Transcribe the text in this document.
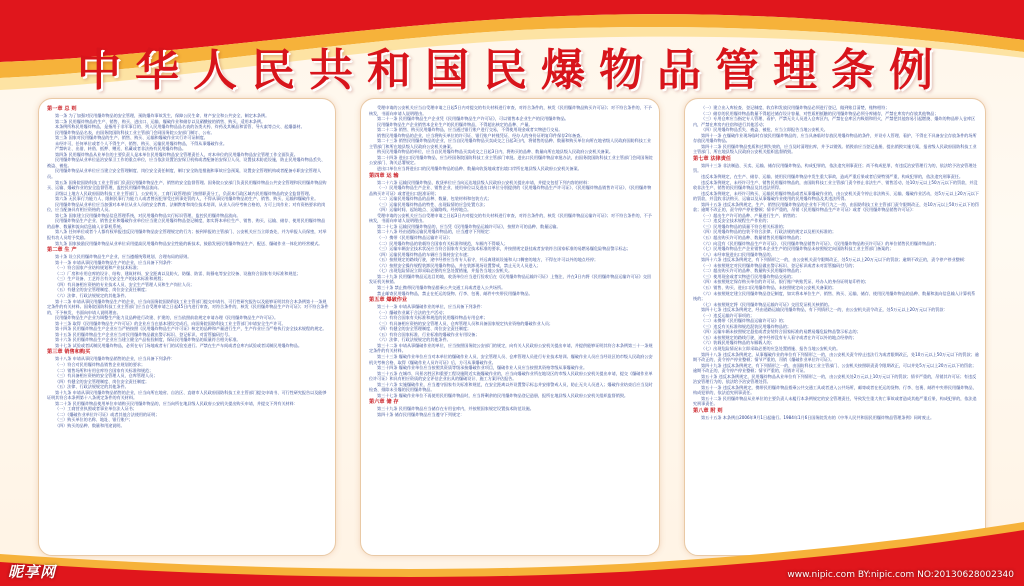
中华人民共和国民爆物品管理条例

第一章 总 则

第一条 为了加强对民用爆炸物品的安全管理，预防爆炸事故发生，保障公民生命、财产安全和公共安全，制定本条例。

第二条 民用爆炸物品的生产、销售、购买、进出口、运输、爆破作业和储存以及硝酸铵的销售、购买，适用本条例。

本条例所称民用爆炸物品，是指用于非军事目的、列入民用爆炸物品品名表的各类火药、炸药及其制品和雷管、导火索等点火、起爆器材。

民用爆炸物品品名表，由国务院国防科技工业主管部门会同国务院公安部门制订、公布。

第三条 国家对民用爆炸物品的生产、销售、购买、运输和爆破作业实行许可证制度。

未经许可，任何单位或者个人不得生产、销售、购买、运输民用爆炸物品，不得从事爆破作业。

严禁转让、出借、转借、抵押、赠送、私藏或者非法持有民用爆炸物品。

第四条 民用爆炸物品从业单位的主要负责人是本单位民用爆炸物品安全管理责任人，对本单位的民用爆炸物品安全管理工作全面负责。

民用爆炸物品从业单位是治安保卫工作的重点单位，应当依法设置治安保卫机构或者配备治安保卫人员，设置技术防范设施，防止民用爆炸物品丢失、被盗、被抢。

民用爆炸物品从业单位应当建立安全管理制度、岗位安全责任制度，制订安全防范措施和事故应急预案，设置安全管理机构或者配备专职安全管理人员。

第五条 国务院国防科技工业主管部门负责民用爆炸物品生产、销售的安全监督管理。国务院公安部门负责民用爆炸物品公共安全管理和民用爆炸物品购买、运输、爆破作业的安全监督管理，监控民用爆炸物品流向。

县级以上地方人民政府国防科技工业主管部门、公安机关、工商行政管理部门按照职责分工，负责本行政区域内民用爆炸物品的安全监督管理。

第六条 无民事行为能力人、限制民事行为能力人或者曾因犯罪受过刑事处罚的人，不得从事民用爆炸物品的生产、销售、购买、运输和爆破作业。

民用爆炸物品从业单位应当加强对本单位从业人员的安全教育、法制教育和岗位技术培训，从业人员经考核合格的，方可上岗作业；对有资格要求的岗位，应当配备具有相应资格的人员。

第七条 国家建立民用爆炸物品信息管理系统，对民用爆炸物品实行标识管理，监控民用爆炸物品流向。

民用爆炸物品生产企业、销售企业和爆破作业单位应当建立民用爆炸物品登记制度，如实将本单位生产、销售、购买、运输、储存、使用民用爆炸物品的品种、数量和流向信息输入计算机系统。

第八条 任何单位或者个人都有权举报违反民用爆炸物品安全管理规定的行为；接到举报的主管部门、公安机关应当立即查处，并为举报人员保密，对举报有功人员给予奖励。

第九条 国家鼓励民用爆炸物品从业单位采用提高民用爆炸物品安全性能的新技术，鼓励发展民用爆炸物品生产、配送、爆破作业一体化的经营模式。

第二章 生 产

第十条 设立民用爆炸物品生产企业，应当遵循统筹规划、合理布局的原则。

第十一条 申请从事民用爆炸物品生产的企业，应当具备下列条件：

（一）符合国家产业结构规划和产业技术标准；

（二）厂房和专用仓库的设计、结构、建筑材料、安全距离以及防火、防爆、防雷、防静电等安全设备、设施符合国家有关标准和规范；

（三）生产设备、工艺符合有关安全生产的技术标准和规程；

（四）有具备相应资格的专业技术人员、安全生产管理人员和生产岗位人员；

（五）有健全的安全管理制度、岗位安全责任制度；

（六）法律、行政法规规定的其他条件。

第十二条 申请从事民用爆炸物品生产的企业，应当向国务院国防科技工业主管部门提交申请书、可行性研究报告以及能够证明其符合本条例第十一条规定条件的有关材料。国务院国防科技工业主管部门应当自受理申请之日起45日内进行审查，对符合条件的，核发《民用爆炸物品生产许可证》；对不符合条件的，不予核发，书面向申请人说明理由。

民用爆炸物品生产企业为调整生产能力及品种进行改建、扩建的，应当依照前款规定申请办理《民用爆炸物品生产许可证》。

第十三条 取得《民用爆炸物品生产许可证》的企业应当在基本建设完成后，向国务院国防科技工业主管部门申请安全生产许可。

第十四条 民用爆炸物品生产企业应当严格按照《民用爆炸物品生产许可证》核定的品种和产量进行生产，生产作业应当严格执行安全技术规程的规定。

第十五条 民用爆炸物品生产企业应当对民用爆炸物品做出警示标识、登记标识，对雷管编码打号。

第十六条 民用爆炸物品生产企业应当建立健全产品检验制度，保证民用爆炸物品的质量符合相关标准。

第十七条 试验或者试制民用爆炸物品，必须在专门场地或者专门的试验室进行。严禁在生产车间或者仓库内试验或者试制民用爆炸物品。

第三章 销售和购买

第十八条 申请从事民用爆炸物品销售的企业，应当具备下列条件：

（一）符合对民用爆炸物品销售企业规划的要求；

（二）销售场所和专用仓库符合国家有关标准和规范；

（三）有具备相应资格的安全管理人员、仓库管理人员；

（四）有健全的安全管理制度、岗位安全责任制度；

（五）法律、行政法规规定的其他条件。

第十九条 申请从事民用爆炸物品销售的企业，应当向所在地省、自治区、直辖市人民政府国防科技工业主管部门提交申请书、可行性研究报告以及能够证明其符合本条例第十八条规定条件的有关材料。

第二十条 民用爆炸物品使用单位申请购买民用爆炸物品的，应当向所在地县级人民政府公安机关提出购买申请，并提交下列有关材料：

（一）工商营业执照或者事业单位法人证书；

（二）《爆破作业单位许可证》或者其他合法使用的证明；

（三）购买单位的名称、地址、银行账户；

（四）购买的品种、数量和用途说明。

受理申请的公安机关应当自受理申请之日起5日内对提交的有关材料进行审查，对符合条件的，核发《民用爆炸物品购买许可证》；对不符合条件的，不予核发，书面向申请人说明理由。

第二十一条 民用爆炸物品生产企业凭《民用爆炸物品生产许可证》，可以销售本企业生产的民用爆炸物品。

民用爆炸物品生产企业销售本企业生产的民用爆炸物品，不得超出核定的品种、产量。

第二十二条 销售、购买民用爆炸物品，应当通过银行账户进行交易，不得使用现金或者实物进行交易。

销售民用爆炸物品的企业，应当将购买单位的许可证、银行账户转账凭证、经办人的身份证明复印件保存2年备查。

第二十三条 销售民用爆炸物品的企业，应当自民用爆炸物品买卖成交之日起3日内，将销售的品种、数量和购买单位向所在地省级人民政府国防科技工业主管部门和所在地县级人民政府公安机关备案。

购买民用爆炸物品的单位，应当自民用爆炸物品买卖成交之日起3日内，将购买的品种、数量向所在地县级人民政府公安机关备案。

第二十四条 进出口民用爆炸物品，应当经国务院国防科技工业主管部门审批。进出口民用爆炸物品审批办法，由国务院国防科技工业主管部门会同国务院公安部门、海关总署规定。

进出口单位应当将进出口的民用爆炸物品的品种、数量向收货地或者出境口岸所在地县级人民政府公安机关备案。

第四章 运 输

第二十六条 运输民用爆炸物品，收货单位应当向运达地县级人民政府公安机关提出申请，并提交包括下列内容的材料：

（一）民用爆炸物品生产企业、销售企业、使用单位以及进出口单位分别提供的《民用爆炸物品生产许可证》、《民用爆炸物品销售许可证》、《民用爆炸物品购买许可证》或者进出口批准证明；

（二）运输民用爆炸物品的品种、数量、包装材料和包装方式；

（三）运输民用爆炸物品的特性、出现险情的应急处置方法；

（四）运输时间、起始地点、运输路线、经停地点。

受理申请的公安机关应当自受理申请之日起3日内对提交的有关材料进行审查，对符合条件的，核发《民用爆炸物品运输许可证》；对不符合条件的，不予核发，书面向申请人说明理由。

第二十七条 运输民用爆炸物品的，应当凭《民用爆炸物品运输许可证》，按照许可的品种、数量运输。

第二十八条 经由道路运输民用爆炸物品的，应当遵守下列规定：

（一）携带《民用爆炸物品运输许可证》；

（二）民用爆炸物品的装载符合国家有关标准和规范，车厢内不得载人；

（三）运输车辆安全技术状况应当符合国家有关安全技术标准的要求，并按照规定悬挂或者安装符合国家标准的易燃易爆危险物品警示标志；

（四）运输民用爆炸物品的车辆应当保持安全车速；

（五）按照规定的路线行驶，途中经停应当有专人看守，并远离建筑设施和人口稠密的地方，不得在许可以外的地点经停；

（六）按照安全操作规程装卸民用爆炸物品，并在装卸现场设置警戒，禁止无关人员进入；

（七）出现危险情况立即采取必要的应急处置措施，并报告当地公安机关。

第二十九条 民用爆炸物品运达目的地，收货单位应当进行验收后在《民用爆炸物品运输许可证》上签注，并在3日内将《民用爆炸物品运输许可证》交回发证机关核销。

第三十条 禁止携带民用爆炸物品搭乘公共交通工具或者进入公共场所。

禁止邮寄民用爆炸物品，禁止在托运的货物、行李、包裹、邮件中夹带民用爆炸物品。

第五章 爆破作业

第三十一条 申请从事爆破作业的单位，应当具备下列条件：

（一）爆破作业属于合法的生产活动；

（二）有符合国家有关标准和规范的民用爆炸物品专用仓库；

（三）有具备相应资格的安全管理人员、仓库管理人员和具备国家规定执业资格的爆破作业人员；

（四）有健全的安全管理制度、岗位安全责任制度；

（五）有符合国家标准、行业标准的爆破作业专用设备；

（六）法律、行政法规规定的其他条件。

第三十二条 申请从事爆破作业的单位，应当按照国务院公安部门的规定，向有关人民政府公安机关提出申请，并提供能够证明其符合本条例第三十一条规定条件的有关材料。

第三十三条 爆破作业单位应当对本单位的爆破作业人员、安全管理人员、仓库管理人员进行专业技术培训。爆破作业人员应当经设区的市级人民政府公安机关考核合格，取得《爆破作业人员许可证》后，方可从事爆破作业。

第三十四条 爆破作业单位应当按照其资质等级承接爆破作业项目，爆破作业人员应当按照其资格等级从事爆破作业。

第三十五条 在城市、风景名胜区和重要工程设施附近实施爆破作业的，应当向爆破作业所在地设区的市级人民政府公安机关提出申请，提交《爆破作业单位许可证》和具有相应资质的安全评估企业出具的爆破设计、施工方案评估报告。

第三十六条 实施爆破作业，应当遵守国家有关标准和规范，在安全距离以外设置警示标志并安排警戒人员，防止无关人员进入；爆破作业结束后应当及时检查、排除未引爆的民用爆炸物品。

第三十七条 爆破作业单位不再使用民用爆炸物品时，应当将剩余的民用爆炸物品登记造册，报所在地县级人民政府公安机关组织监督销毁。

第六章 储 存

第三十九条 民用爆炸物品应当储存在专用仓库内，并按照国家规定设置技术防范设施。

第四十条 储存民用爆炸物品应当遵守下列规定：

（一）建立出入库检查、登记制度，收存和发放民用爆炸物品必须进行登记，做到账目清楚，账物相符；

（二）储存的民用爆炸物品数量不得超过储存设计容量，对性质相抵触的民用爆炸物品必须分库储存，严禁在库房内存放其他物品；

（三）专用仓库应当指定专人管理、看护，严禁无关人员进入仓库区内，严禁在仓库区内吸烟和用火，严禁把其他容易引起燃烧、爆炸的物品带入仓库区内，严禁在库房内住宿和进行其他活动；

（四）民用爆炸物品丢失、被盗、被抢，应当立即报告当地公安机关。

第四十一条 在爆破作业现场临时存放民用爆炸物品的，应当具备临时存放民用爆炸物品的条件，并设专人管理、看护，不得在不具备安全存放条件的场所存放民用爆炸物品。

第四十二条 民用爆炸物品变质和过期失效的，应当及时清理出库，并予以销毁。销毁前应当登记造册，提出销毁实施方案，报省级人民政府国防科技工业主管部门、所在地县级人民政府公安机关组织监督销毁。

第七章 法律责任

第四十三条 非法制造、买卖、运输、储存民用爆炸物品，构成犯罪的，依法追究刑事责任；尚不构成犯罪，有违反治安管理行为的，依法给予治安管理处罚。

违反本条例规定，在生产、储存、运输、使用民用爆炸物品中发生重大事故，造成严重后果或者后果特别严重，构成犯罪的，依法追究刑事责任。

违反本条例规定，未经许可生产、销售民用爆炸物品的，由国防科技工业主管部门责令停止非法生产、销售活动，处10万元以上50万元以下的罚款，并没收非法生产、销售的民用爆炸物品及其违法所得。

违反本条例规定，未经许可购买、运输民用爆炸物品或者从事爆破作业的，由公安机关责令停止非法购买、运输、爆破作业活动，处5万元以上20万元以下的罚款，并没收非法购买、运输以及从事爆破作业使用的民用爆炸物品及其违法所得。

第四十五条 违反本条例规定，生产、销售民用爆炸物品的企业有下列行为之一的，由国防科技工业主管部门责令限期改正，处10万元以上50万元以下的罚款；逾期不改正的，责令停产停业整顿；情节严重的，吊销《民用爆炸物品生产许可证》或者《民用爆炸物品销售许可证》：

（一）超出生产许可的品种、产量进行生产、销售的；

（二）违反安全技术规程生产作业的；

（三）民用爆炸物品的质量不符合相关标准的；

（四）民用爆炸物品的包装不符合法律、行政法规的规定以及相关标准的；

（五）超出购买许可的品种、数量销售民用爆炸物品的；

（六）向没有《民用爆炸物品生产许可证》、《民用爆炸物品销售许可证》、《民用爆炸物品购买许可证》的单位销售民用爆炸物品的；

（七）民用爆炸物品生产企业销售本企业生产的民用爆炸物品未按照规定向国防科技工业主管部门备案的；

（八）未经审批进出口民用爆炸物品的。

第四十六条 违反本条例规定，有下列情形之一的，由公安机关责令限期改正，处5万元以上20万元以下的罚款；逾期不改正的，责令停产停业整顿：

（一）未按照规定对民用爆炸物品做出警示标识、登记标识或者未对雷管编码打号的；

（二）超出购买许可的品种、数量购买民用爆炸物品的；

（三）使用现金或者实物进行民用爆炸物品交易的；

（四）未按照规定保存购买单位的许可证、银行账户转账凭证、经办人的身份证明复印件的；

（五）销售、购买、进出口民用爆炸物品，未按照规定向公安机关备案的；

（六）未按照规定建立民用爆炸物品登记制度，如实将本单位生产、销售、购买、运输、储存、使用民用爆炸物品的品种、数量和流向信息输入计算机系统的；

（七）未按照规定将《民用爆炸物品运输许可证》交回发证机关核销的。

第四十七条 违反本条例规定，经由道路运输民用爆炸物品，有下列情形之一的，由公安机关责令改正，处5万元以上20万元以下的罚款：

（一）违反运输许可事项的；

（二）未携带《民用爆炸物品运输许可证》的；

（三）违反有关标准和规范混装民用爆炸物品的；

（四）运输车辆未按照规定悬挂或者安装符合国家标准的易燃易爆危险物品警示标志的；

（五）未按照规定的路线行驶，途中经停没有专人看守或者在许可以外的地点经停的；

（六）装载民用爆炸物品的车厢载人的；

（七）出现危险情况未立即采取必要的应急处置措施、报告当地公安机关的。

第四十八条 违反本条例规定，从事爆破作业的单位有下列情形之一的，由公安机关责令停止违法行为或者限期改正，处10万元以上50万元以下的罚款；逾期不改正的，责令停产停业整顿；情节严重的，吊销《爆破作业单位许可证》。

第四十九条 违反本条例规定，有下列情形之一的，由国防科技工业主管部门、公安机关按照职责责令限期改正，可以并处5万元以上20万元以下的罚款；逾期不改正的，责令停产停业整顿；情节严重的，吊销许可证。

第五十条 违反本条例规定，民用爆炸物品从业单位有下列情形之一的，由公安机关处2万元以上10万元以下的罚款；情节严重的，吊销其许可证；有违反治安管理行为的，依法给予治安管理处罚。

第五十一条 违反本条例规定，携带民用爆炸物品搭乘公共交通工具或者进入公共场所，邮寄或者在托运的货物、行李、包裹、邮件中夹带民用爆炸物品，构成犯罪的，依法追究刑事责任。

第五十二条 民用爆炸物品从业单位的主要负责人未履行本条例规定的安全管理责任，导致发生重大伤亡事故或者造成其他严重后果，构成犯罪的，依法追究刑事责任。

第八章 附 则

第五十五条 本条例自2006年9月1日起施行。1984年1月6日国务院发布的《中华人民共和国民用爆炸物品管理条例》同时废止。

昵享网	www.nipic.com BY:nipic.com NO:20130628002340
